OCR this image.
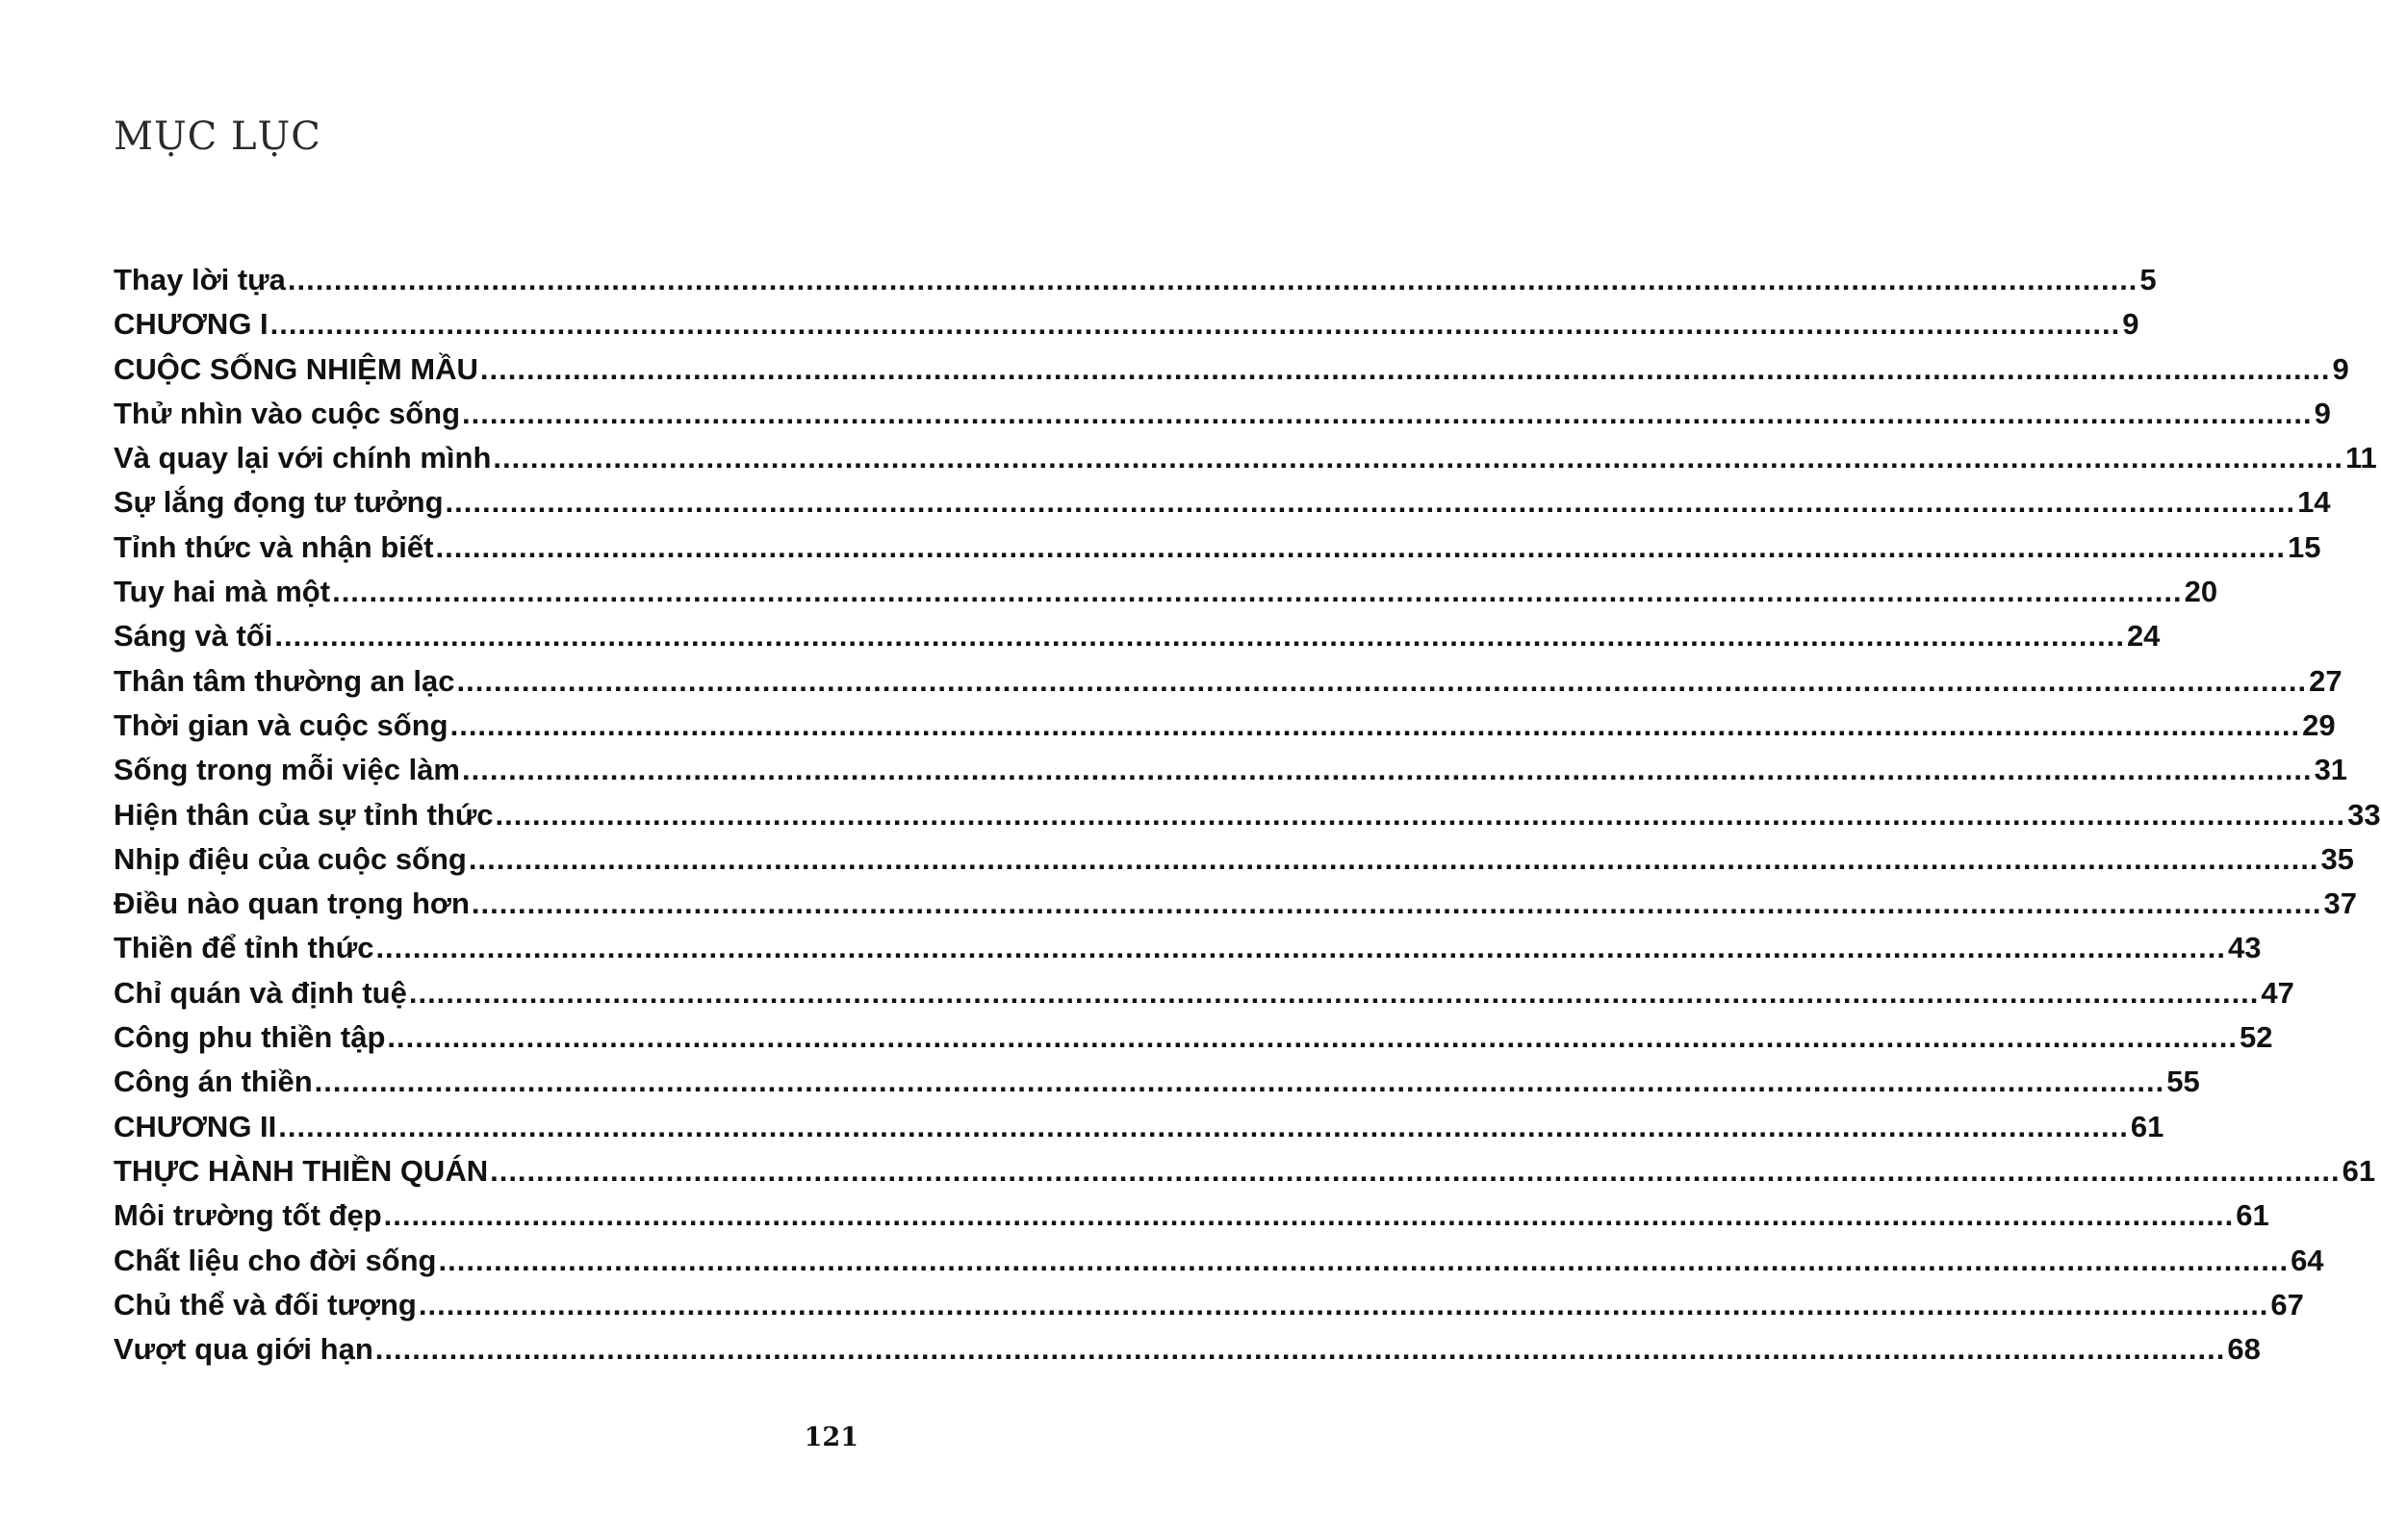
MỤC LỤC
Thay lời tựa ........................................................................................................................................................................................................ 5
CHƯƠNG I ........................................................................................................................................................................................................ 9
CUỘC SỐNG NHIỆM MẦU ........................................................................................................................................................................................................ 9
Thử nhìn vào cuộc sống ........................................................................................................................................................................................................ 9
Và quay lại với chính mình ........................................................................................................................................................................................................ 11
Sự lắng đọng tư tưởng ........................................................................................................................................................................................................ 14
Tỉnh thức và nhận biết ........................................................................................................................................................................................................ 15
Tuy hai mà một ........................................................................................................................................................................................................ 20
Sáng và tối ........................................................................................................................................................................................................ 24
Thân tâm thường an lạc ........................................................................................................................................................................................................ 27
Thời gian và cuộc sống ........................................................................................................................................................................................................ 29
Sống trong mỗi việc làm ........................................................................................................................................................................................................ 31
Hiện thân của sự tỉnh thức ........................................................................................................................................................................................................ 33
Nhịp điệu của cuộc sống ........................................................................................................................................................................................................ 35
Điều nào quan trọng hơn ........................................................................................................................................................................................................ 37
Thiền để tỉnh thức ........................................................................................................................................................................................................ 43
Chỉ quán và định tuệ ........................................................................................................................................................................................................ 47
Công phu thiền tập ........................................................................................................................................................................................................ 52
Công án thiền ........................................................................................................................................................................................................ 55
CHƯƠNG II ........................................................................................................................................................................................................ 61
THỰC HÀNH THIỀN QUÁN ........................................................................................................................................................................................................ 61
Môi trường tốt đẹp ........................................................................................................................................................................................................ 61
Chất liệu cho đời sống ........................................................................................................................................................................................................ 64
Chủ thể và đối tượng ........................................................................................................................................................................................................ 67
Vượt qua giới hạn ........................................................................................................................................................................................................ 68
121
